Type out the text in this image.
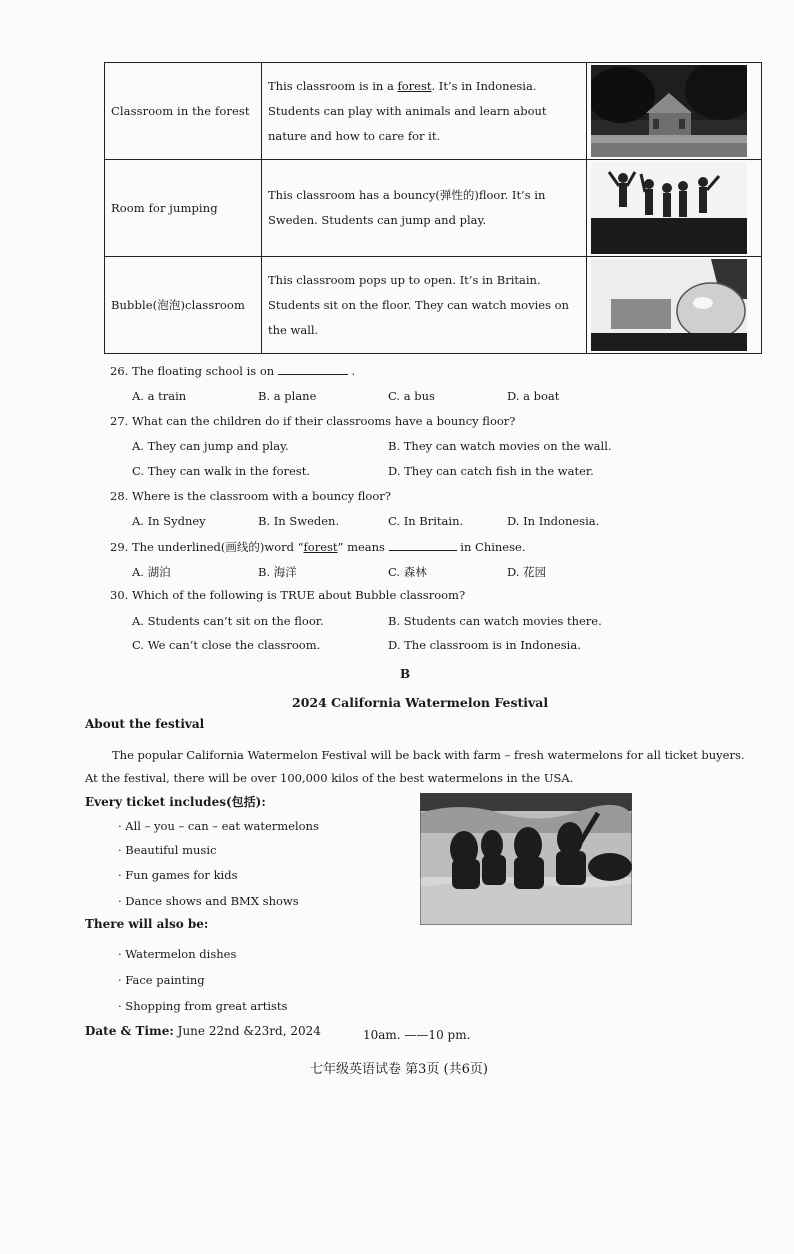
Classroom in the forest	This classroom is in a forest. It’s in Indonesia. Students can play with animals and learn about nature and how to care for it.	

Room for jumping	This classroom has a bouncy(弹性的)floor. It’s in Sweden. Students can jump and play.	

Bubble(泡泡)classroom	This classroom pops up to open. It’s in Britain. Students sit on the floor. They can watch movies on the wall.	
26. The floating school is on	.
A. a train	B. a plane	C. a bus	D. a boat
27. What can the children do if their classrooms have a bouncy floor?
A. They can jump and play.	B. They can watch movies on the wall.
C. They can walk in the forest.	D. They can catch fish in the water.
28. Where is the classroom with a bouncy floor?
A. In Sydney	B. In Sweden.	C. In Britain.	D. In Indonesia.
29. The underlined(画线的)word “forest” means	in Chinese.
A. 湖泊	B. 海洋	C. 森林	D. 花园
30. Which of the following is TRUE about Bubble classroom?
A. Students can’t sit on the floor.	B. Students can watch movies there.
C. We can’t close the classroom.	D. The classroom is in Indonesia.
B
2024 California Watermelon Festival
About the festival
The popular California Watermelon Festival will be back with farm – fresh watermelons for all ticket buyers.
At the festival, there will be over 100,000 kilos of the best watermelons in the USA.
Every ticket includes(包括):
· All – you – can – eat watermelons
· Beautiful music
· Fun games for kids
· Dance shows and BMX shows
There will also be:
· Watermelon dishes
· Face painting
· Shopping from great artists
Date & Time: June 22nd &23rd, 2024	10am. ——10 pm.
七年级英语试卷 第3页 (共6页)
